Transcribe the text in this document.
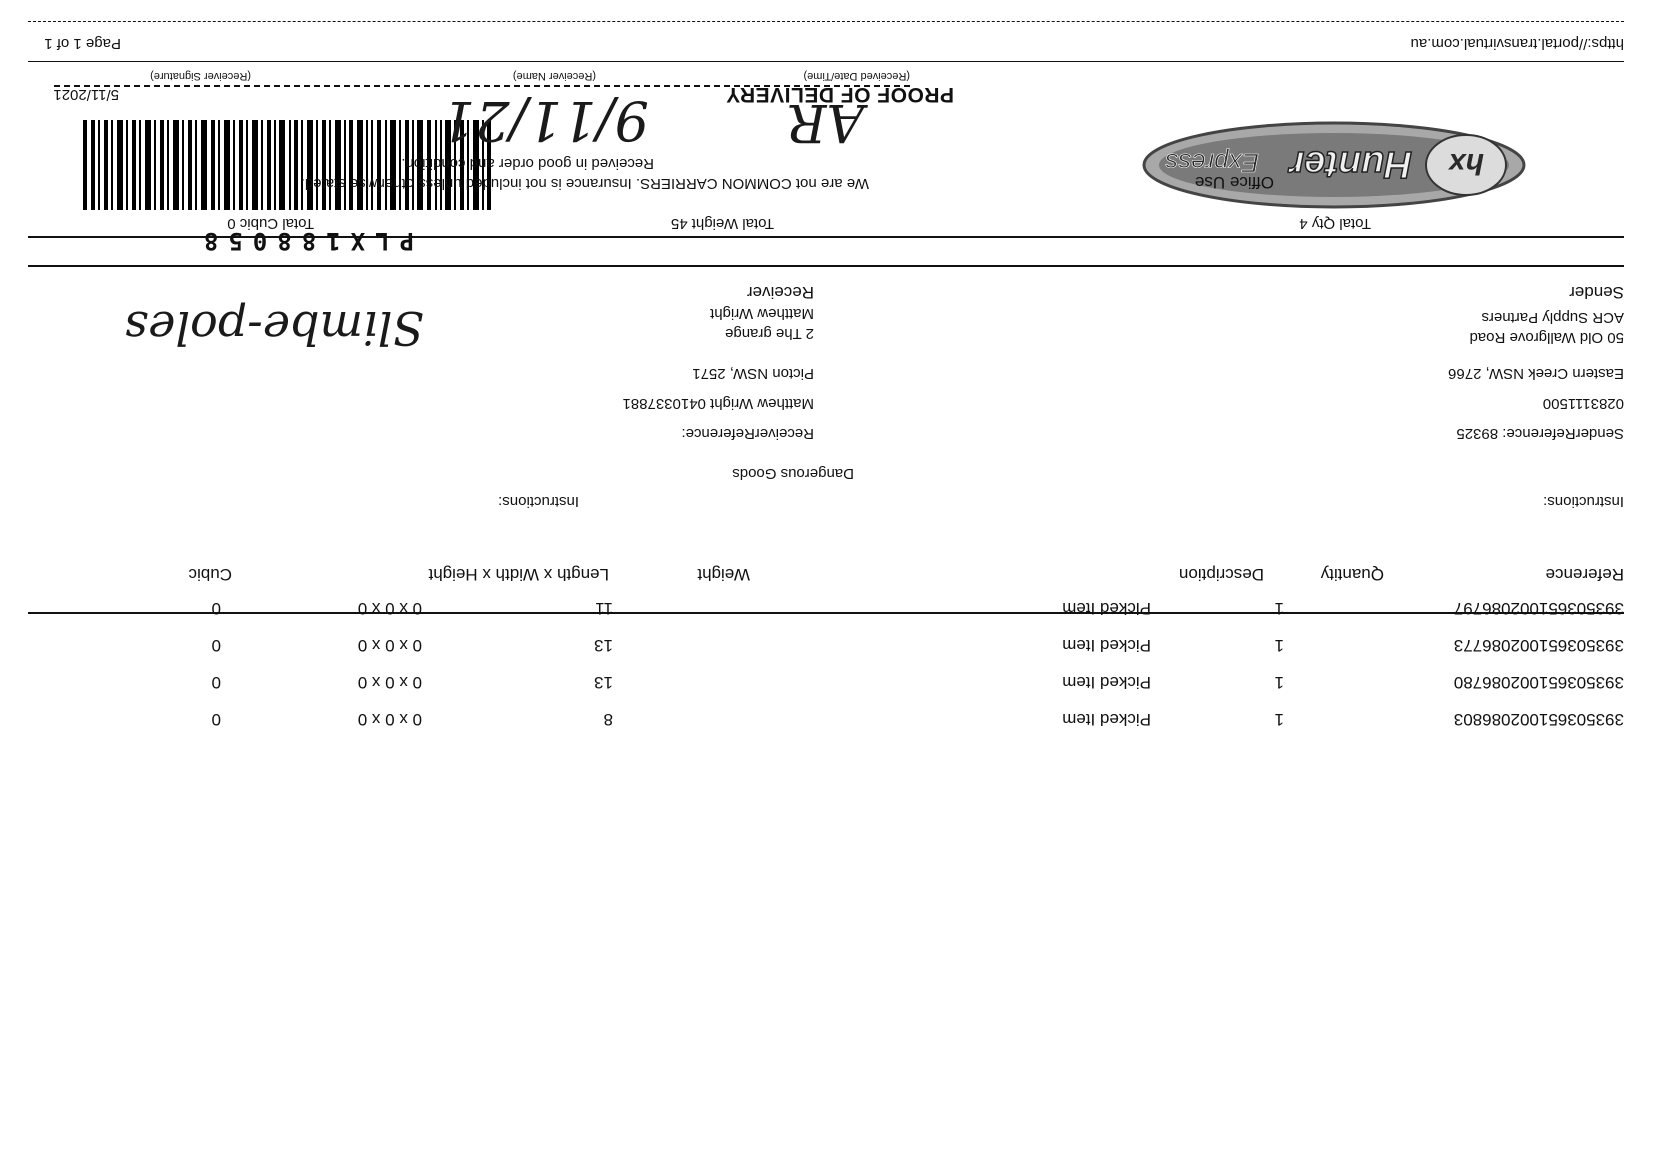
PROOF OF DELIVERY
5/11/2021
hx
Hunter
Express
PLX188058
Sender
ACR Supply Partners
50 Old Wallgrove Road
Eastern Creek NSW, 2766
0283111500
SenderReference: 89325
Receiver
Matthew Wright
2 The grange
Picton NSW, 2571
Matthew Wright 0410337881
ReceiverReference:
Slimbe-poles
Dangerous Goods
Instructions:
Instructions:
Reference
Quantity
Description
Weight
Length x Width x Height
Cubic
393503651002086797
1
Picked Item
11
0 x 0 x 0
0
393503651002086773
1
Picked Item
13
0 x 0 x 0
0
393503651002086780
1
Picked Item
13
0 x 0 x 0
0
393503651002086803
1
Picked Item
8
0 x 0 x 0
0
Total Qty 4
Total Weight 45
Total Cubic 0
Office Use
We are not COMMON CARRIERS. Insurance is not included unless otherwise stated.
Received in good order and condition.
9/11/21	AR
(Received Date/Time)
(Receiver Name)
(Receiver Signature)
https://portal.transvirtual.com.au
Page 1 of 1
